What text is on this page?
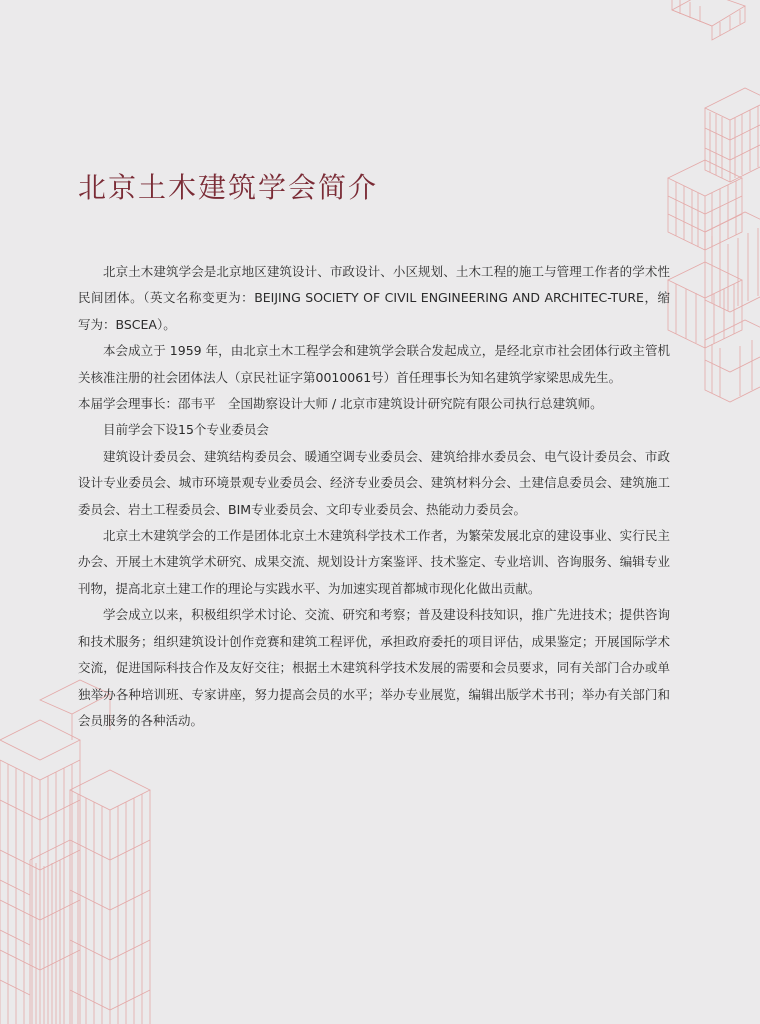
北京土木建筑学会简介

北京土木建筑学会是北京地区建筑设计、市政设计、小区规划、土木工程的施工与管理工作者的学术性民间团体。（英文名称变更为：BEIJING SOCIETY OF CIVIL ENGINEERING AND ARCHITEC-TURE，缩写为：BSCEA）。

本会成立于 1959 年，由北京土木工程学会和建筑学会联合发起成立，是经北京市社会团体行政主管机关核准注册的社会团体法人（京民社证字第0010061号）首任理事长为知名建筑学家梁思成先生。

本届学会理事长：邵韦平　全国勘察设计大师 / 北京市建筑设计研究院有限公司执行总建筑师。

目前学会下设15个专业委员会

建筑设计委员会、建筑结构委员会、暖通空调专业委员会、建筑给排水委员会、电气设计委员会、市政设计专业委员会、城市环境景观专业委员会、经济专业委员会、建筑材料分会、土建信息委员会、建筑施工委员会、岩土工程委员会、BIM专业委员会、文印专业委员会、热能动力委员会。

北京土木建筑学会的工作是团体北京土木建筑科学技术工作者，为繁荣发展北京的建设事业、实行民主办会、开展土木建筑学术研究、成果交流、规划设计方案鉴评、技术鉴定、专业培训、咨询服务、编辑专业刊物，提高北京土建工作的理论与实践水平、为加速实现首都城市现化化做出贡献。

学会成立以来，积极组织学术讨论、交流、研究和考察；普及建设科技知识，推广先进技术；提供咨询和技术服务；组织建筑设计创作竞赛和建筑工程评优，承担政府委托的项目评估，成果鉴定；开展国际学术交流，促进国际科技合作及友好交往；根据土木建筑科学技术发展的需要和会员要求，同有关部门合办或单独举办各种培训班、专家讲座，努力提高会员的水平；举办专业展览，编辑出版学术书刊；举办有关部门和会员服务的各种活动。
